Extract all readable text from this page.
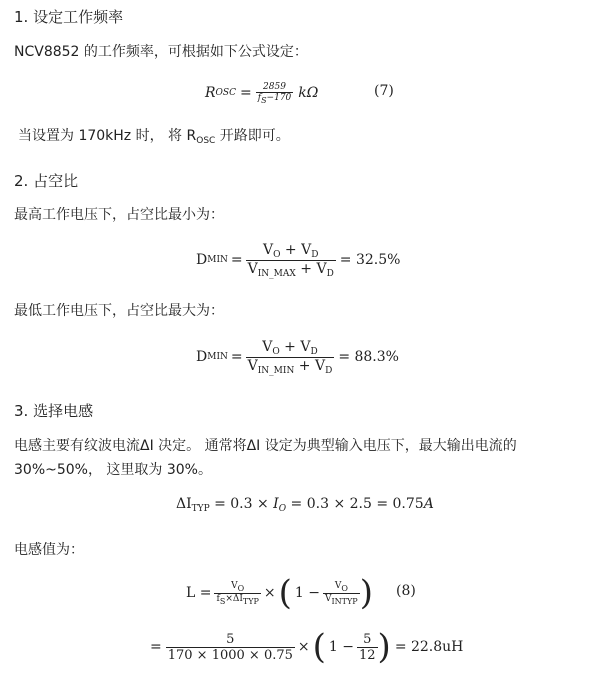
1. 设定工作频率
NCV8852 的工作频率，可根据如下公式设定：
R OSC = $\frac{2859}{fS-170}$ kΩ	(7)
当设置为 170kHz 时， 将 $R_{OSC}$ 开路即可。
2. 占空比
最高工作电压下，占空比最小为：
D MIN = $\frac{V_O + V_D}{V_{IN\_MAX} + V_D} = 32.5\%$
最低工作电压下，占空比最大为：
D MIN = $\frac{V_O + V_D}{V_{IN\_MIN} + V_D} = 88.3\%$
3. 选择电感
电感主要有纹波电流ΔI 决定。 通常将ΔI 设定为典型输入电压下，最大输出电流的
30%~50%， 这里取为 30%。
$\Delta I_{TYP} = 0.3 \times I_O = 0.3 \times 2.5 = 0.75A$
电感值为：
$L = \frac{VO}{\text{fS×ΔITYP}}$ × ( $1 - \frac{VO}{\text{VINTYP}}$ ) (8)
= $\frac{5}{170 \times 1000 \times 0.75}$ × ( $1 - \frac{5}{12}$ ) = 22.8uH
